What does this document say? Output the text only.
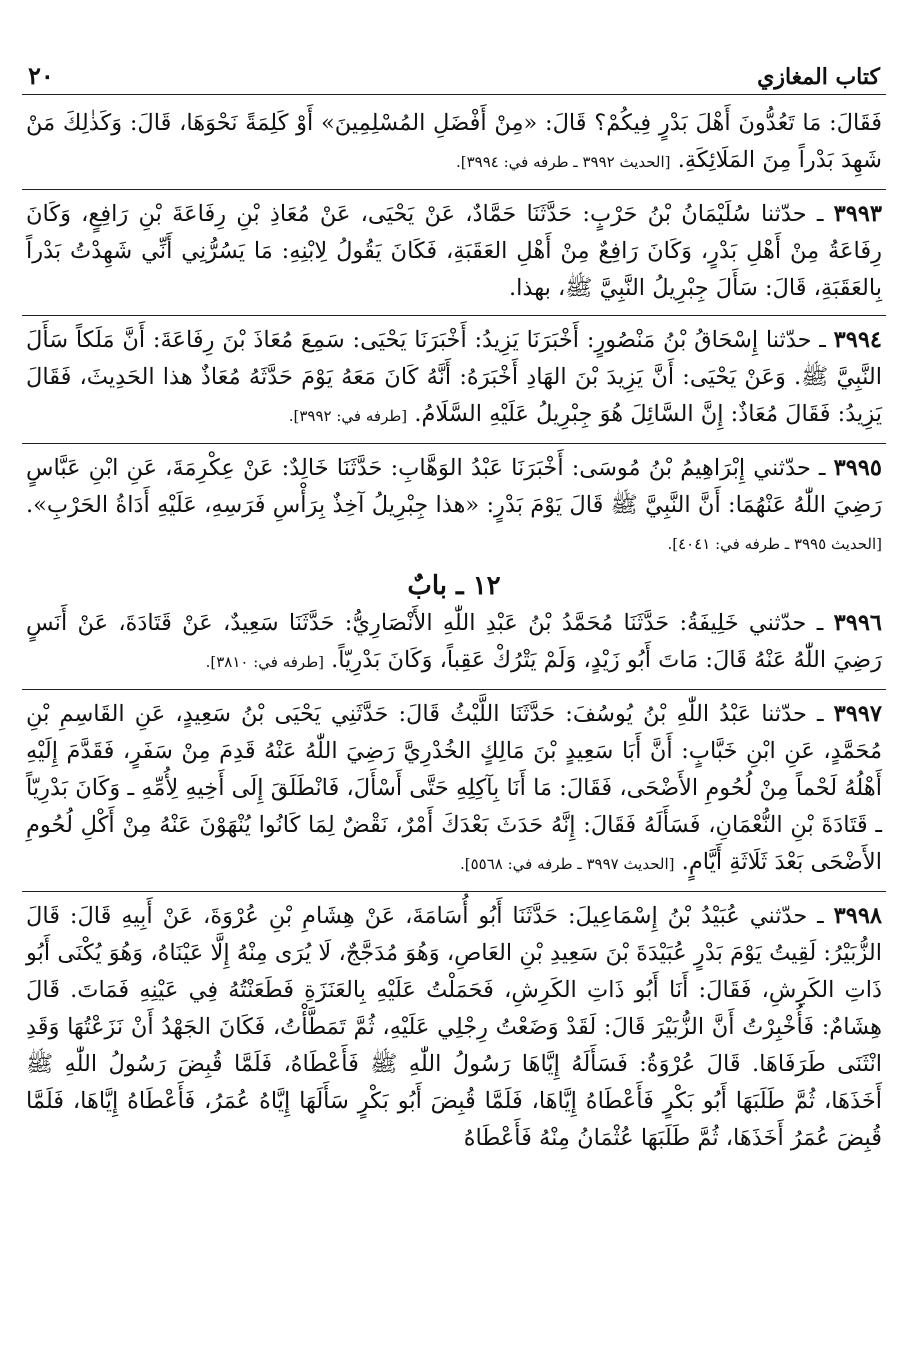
كتاب المغازي
٢٠

فَقَالَ: مَا تَعُدُّونَ أَهْلَ بَدْرٍ فِيكُمْ؟ قَالَ: «مِنْ أَفْضَلِ المُسْلِمِينَ» أَوْ كَلِمَةً نَحْوَهَا، قَالَ: وَكَذٰلِكَ مَنْ شَهِدَ بَدْراً مِنَ المَلَائِكَةِ. [الحديث ٣٩٩٢ ـ طرفه في: ٣٩٩٤].

٣٩٩٣ ـ حدّثنا سُلَيْمَانُ بْنُ حَرْبٍ: حَدَّثَنَا حَمَّادٌ، عَنْ يَحْيَى، عَنْ مُعَاذِ بْنِ رِفَاعَةَ بْنِ رَافِعٍ، وَكَانَ رِفَاعَةُ مِنْ أَهْلِ بَدْرٍ، وَكَانَ رَافِعٌ مِنْ أَهْلِ العَقَبَةِ، فَكَانَ يَقُولُ لِابْنِهِ: مَا يَسُرُّنِي أَنِّي شَهِدْتُ بَدْراً بِالعَقَبَةِ، قَالَ: سَأَلَ جِبْرِيلُ النَّبِيَّ ﷺ، بهذا.

٣٩٩٤ ـ حدّثنا إِسْحَاقُ بْنُ مَنْصُورٍ: أَخْبَرَنَا يَزِيدُ: أَخْبَرَنَا يَحْيَى: سَمِعَ مُعَاذَ بْنَ رِفَاعَةَ: أَنَّ مَلَكاً سَأَلَ النَّبِيَّ ﷺ. وَعَنْ يَحْيَى: أَنَّ يَزِيدَ بْنَ الهَادِ أَخْبَرَهُ: أَنَّهُ كَانَ مَعَهُ يَوْمَ حَدَّثَهُ مُعَاذٌ هذا الحَدِيثَ، فَقَالَ يَزِيدُ: فَقَالَ مُعَاذٌ: إِنَّ السَّائِلَ هُوَ جِبْرِيلُ عَلَيْهِ السَّلَامُ. [طرفه في: ٣٩٩٢].

٣٩٩٥ ـ حدّثني إِبْرَاهِيمُ بْنُ مُوسَى: أَخْبَرَنَا عَبْدُ الوَهَّابِ: حَدَّثَنَا خَالِدٌ: عَنْ عِكْرِمَةَ، عَنِ ابْنِ عَبَّاسٍ رَضِيَ اللّٰهُ عَنْهُمَا: أَنَّ النَّبِيَّ ﷺ قَالَ يَوْمَ بَدْرٍ: «هذا جِبْرِيلُ آخِذٌ بِرَأْسِ فَرَسِهِ، عَلَيْهِ أَدَاةُ الحَرْبِ». [الحديث ٣٩٩٥ ـ طرفه في: ٤٠٤١].

١٢ ـ بابٌ

٣٩٩٦ ـ حدّثني خَلِيفَةُ: حَدَّثَنَا مُحَمَّدُ بْنُ عَبْدِ اللّٰهِ الأَنْصَارِيُّ: حَدَّثَنَا سَعِيدٌ، عَنْ قَتَادَةَ، عَنْ أَنَسٍ رَضِيَ اللّٰهُ عَنْهُ قَالَ: مَاتَ أَبُو زَيْدٍ، وَلَمْ يَتْرُكْ عَقِباً، وَكَانَ بَدْرِيّاً. [طرفه في: ٣٨١٠].

٣٩٩٧ ـ حدّثنا عَبْدُ اللّٰهِ بْنُ يُوسُفَ: حَدَّثَنَا اللَّيْثُ قَالَ: حَدَّثَنِي يَحْيَى بْنُ سَعِيدٍ، عَنِ القَاسِمِ بْنِ مُحَمَّدٍ، عَنِ ابْنِ خَبَّابٍ: أَنَّ أَبَا سَعِيدٍ بْنَ مَالِكٍ الخُدْرِيَّ رَضِيَ اللّٰهُ عَنْهُ قَدِمَ مِنْ سَفَرٍ، فَقَدَّمَ إِلَيْهِ أَهْلُهُ لَحْماً مِنْ لُحُومِ الأَضْحَى، فَقَالَ: مَا أَنَا بِآكِلِهِ حَتَّى أَسْأَلَ، فَانْطَلَقَ إِلَى أَخِيهِ لِأُمِّهِ ـ وَكَانَ بَدْرِيّاً ـ قَتَادَةَ بْنِ النُّعْمَانِ، فَسَأَلَهُ فَقَالَ: إِنَّهُ حَدَثَ بَعْدَكَ أَمْرٌ، نَقْضٌ لِمَا كَانُوا يُنْهَوْنَ عَنْهُ مِنْ أَكْلِ لُحُومِ الأَضْحَى بَعْدَ ثَلَاثَةِ أَيَّامٍ. [الحديث ٣٩٩٧ ـ طرفه في: ٥٥٦٨].

٣٩٩٨ ـ حدّثني عُبَيْدُ بْنُ إِسْمَاعِيلَ: حَدَّثَنَا أَبُو أُسَامَةَ، عَنْ هِشَامِ بْنِ عُرْوَةَ، عَنْ أَبِيهِ قَالَ: قَالَ الزُّبَيْرُ: لَقِيتُ يَوْمَ بَدْرٍ عُبَيْدَةَ بْنَ سَعِيدِ بْنِ العَاصِ، وَهُوَ مُدَجَّجٌ، لَا يُرَى مِنْهُ إِلَّا عَيْنَاهُ، وَهُوَ يُكْنَى أَبُو ذَاتِ الكَرِشِ، فَقَالَ: أَنَا أَبُو ذَاتِ الكَرِشِ، فَحَمَلْتُ عَلَيْهِ بِالعَنَزَةِ فَطَعَنْتُهُ فِي عَيْنِهِ فَمَاتَ. قَالَ هِشَامٌ: فَأُخْبِرْتُ أَنَّ الزُّبَيْرَ قَالَ: لَقَدْ وَضَعْتُ رِجْلِي عَلَيْهِ، ثُمَّ تَمَطَّأْتُ، فَكَانَ الجَهْدُ أَنْ نَزَعْتُهَا وَقَدِ انْثَنَى طَرَفَاهَا. قَالَ عُرْوَةُ: فَسَأَلَهُ إِيَّاهَا رَسُولُ اللّٰهِ ﷺ فَأَعْطَاهُ، فَلَمَّا قُبِضَ رَسُولُ اللّٰهِ ﷺ أَخَذَهَا، ثُمَّ طَلَبَهَا أَبُو بَكْرٍ فَأَعْطَاهُ إِيَّاهَا، فَلَمَّا قُبِضَ أَبُو بَكْرٍ سَأَلَهَا إِيَّاهُ عُمَرُ، فَأَعْطَاهُ إِيَّاهَا، فَلَمَّا قُبِضَ عُمَرُ أَخَذَهَا، ثُمَّ طَلَبَهَا عُثْمَانُ مِنْهُ فَأَعْطَاهُ
